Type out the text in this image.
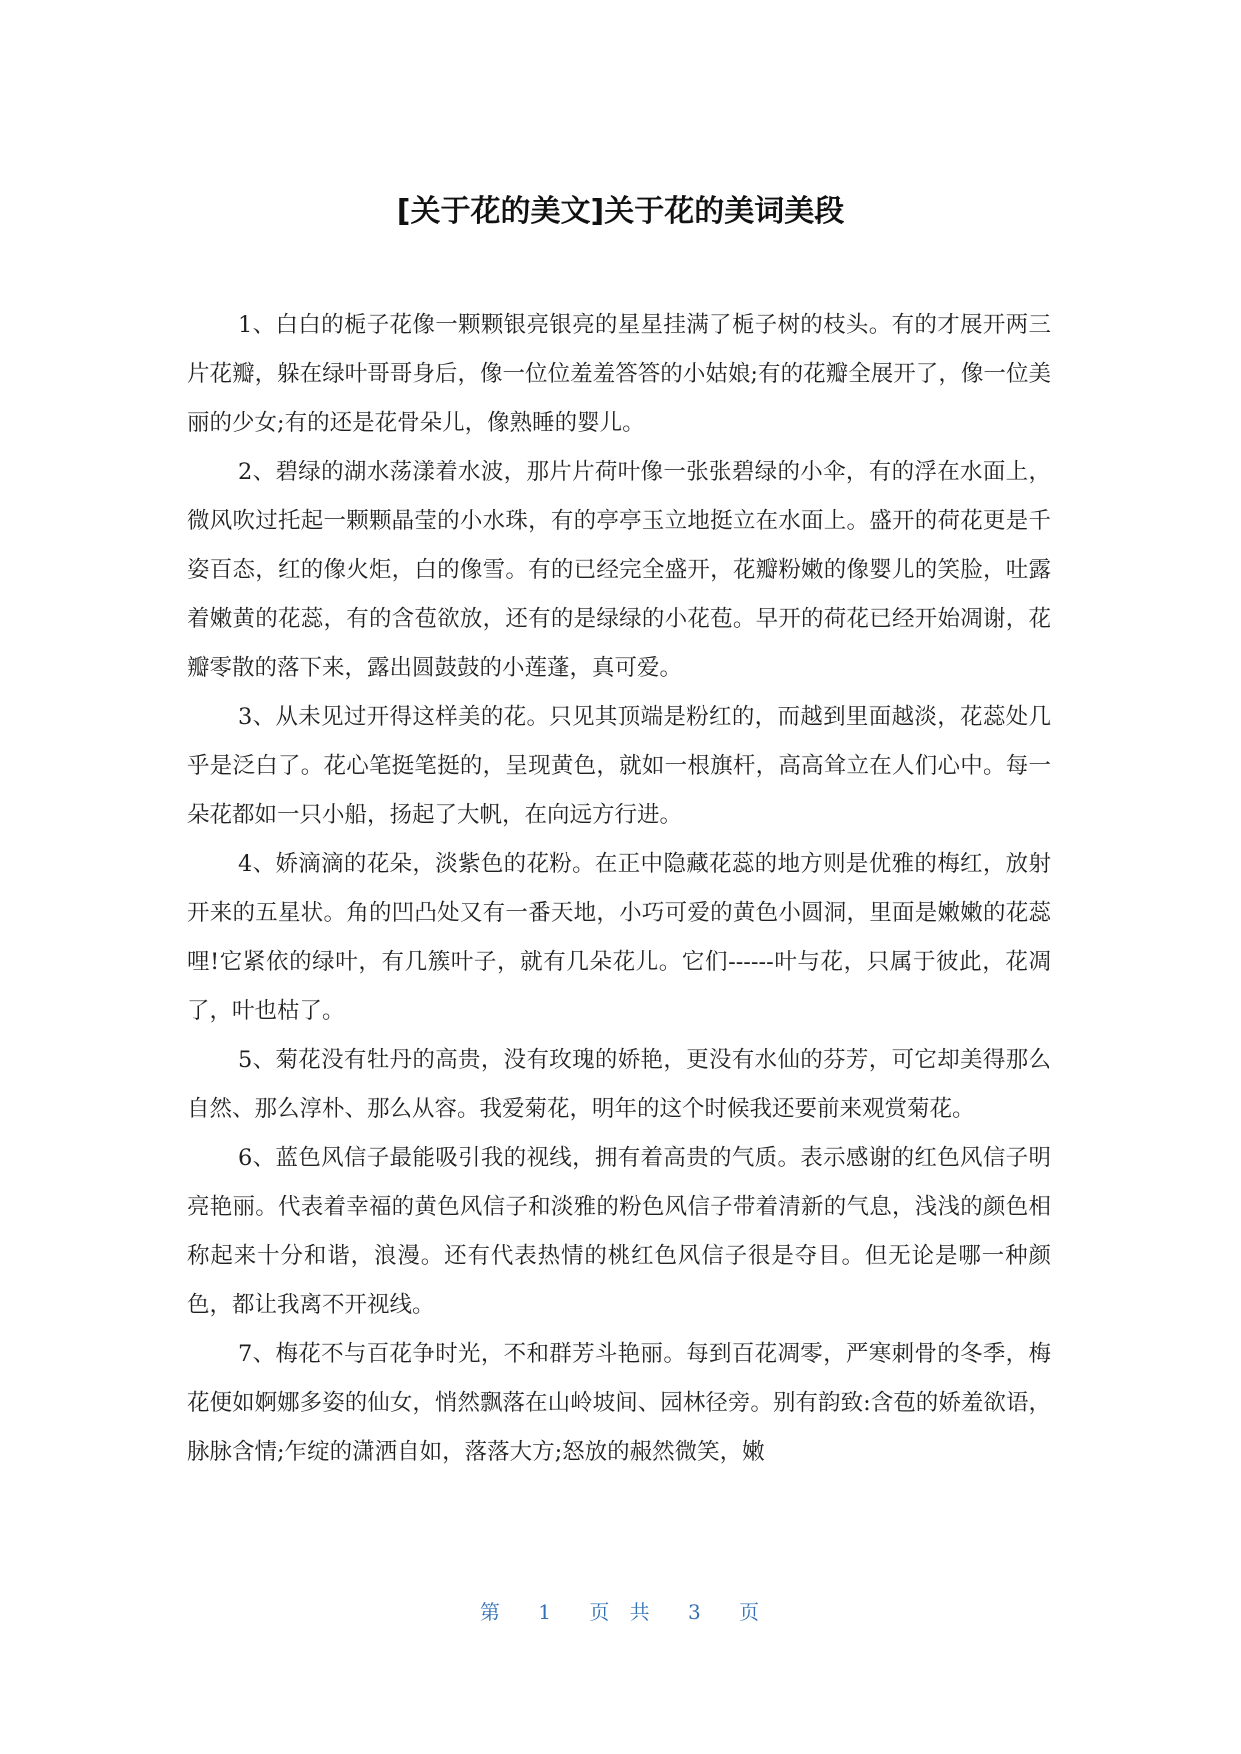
[关于花的美文]关于花的美词美段

1、白白的栀子花像一颗颗银亮银亮的星星挂满了栀子树的枝头。有的才展开两三片花瓣，躲在绿叶哥哥身后，像一位位羞羞答答的小姑娘;有的花瓣全展开了，像一位美丽的少女;有的还是花骨朵儿，像熟睡的婴儿。

2、碧绿的湖水荡漾着水波，那片片荷叶像一张张碧绿的小伞，有的浮在水面上，微风吹过托起一颗颗晶莹的小水珠，有的亭亭玉立地挺立在水面上。盛开的荷花更是千姿百态，红的像火炬，白的像雪。有的已经完全盛开，花瓣粉嫩的像婴儿的笑脸，吐露着嫩黄的花蕊，有的含苞欲放，还有的是绿绿的小花苞。早开的荷花已经开始凋谢，花瓣零散的落下来，露出圆鼓鼓的小莲蓬，真可爱。

3、从未见过开得这样美的花。只见其顶端是粉红的，而越到里面越淡，花蕊处几乎是泛白了。花心笔挺笔挺的，呈现黄色，就如一根旗杆，高高耸立在人们心中。每一朵花都如一只小船，扬起了大帆，在向远方行进。

4、娇滴滴的花朵，淡紫色的花粉。在正中隐藏花蕊的地方则是优雅的梅红，放射开来的五星状。角的凹凸处又有一番天地，小巧可爱的黄色小圆洞，里面是嫩嫩的花蕊哩!它紧依的绿叶，有几簇叶子，就有几朵花儿。它们------叶与花，只属于彼此，花凋了，叶也枯了。

5、菊花没有牡丹的高贵，没有玫瑰的娇艳，更没有水仙的芬芳，可它却美得那么自然、那么淳朴、那么从容。我爱菊花，明年的这个时候我还要前来观赏菊花。

6、蓝色风信子最能吸引我的视线，拥有着高贵的气质。表示感谢的红色风信子明亮艳丽。代表着幸福的黄色风信子和淡雅的粉色风信子带着清新的气息，浅浅的颜色相称起来十分和谐，浪漫。还有代表热情的桃红色风信子很是夺目。但无论是哪一种颜色，都让我离不开视线。

7、梅花不与百花争时光，不和群芳斗艳丽。每到百花凋零，严寒刺骨的冬季，梅花便如婀娜多姿的仙女，悄然飘落在山岭坡间、园林径旁。别有韵致:含苞的娇羞欲语，脉脉含情;乍绽的潇洒自如，落落大方;怒放的赧然微笑，嫩

第 1 页 共 3 页
